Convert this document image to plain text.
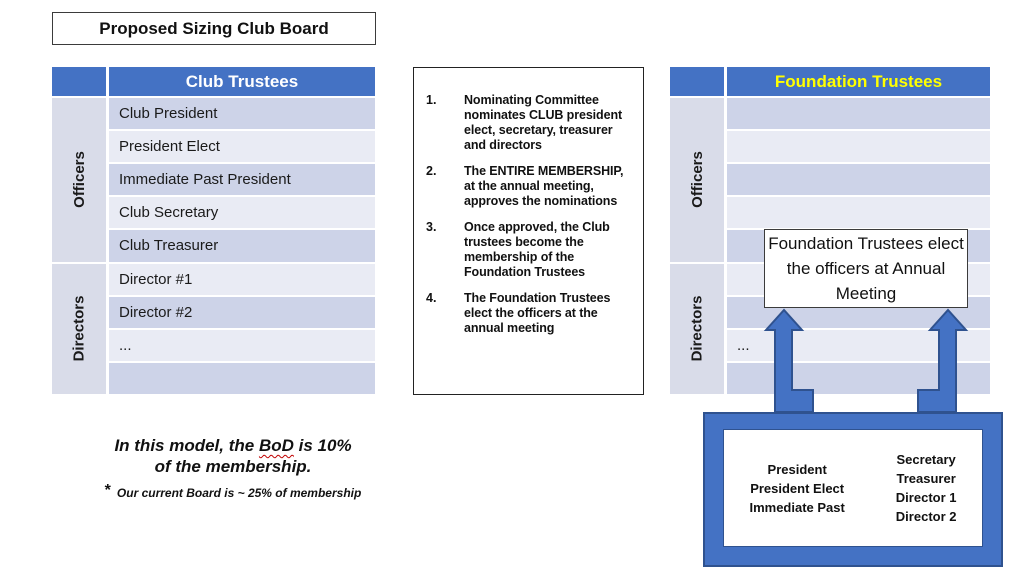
Proposed Sizing Club Board
Club Trustees
Officers
Club President
President Elect
Immediate Past President
Club Secretary
Club Treasurer
Directors
Director #1
Director #2
...
1.	Nominating Committee nominates CLUB president elect, secretary, treasurer and directors
2.	The ENTIRE MEMBERSHIP, at the annual meeting, approves the nominations
3.	Once approved, the Club trustees become the membership of the Foundation Trustees
4.	The Foundation Trustees elect the officers at the annual meeting
Foundation Trustees
Officers
Directors	...
Foundation Trustees elect the officers at Annual Meeting
President
President Elect
Immediate Past
Secretary
Treasurer
Director 1
Director 2
In this model, the BoD is 10%
of the membership.
* Our current Board is ~ 25% of membership
